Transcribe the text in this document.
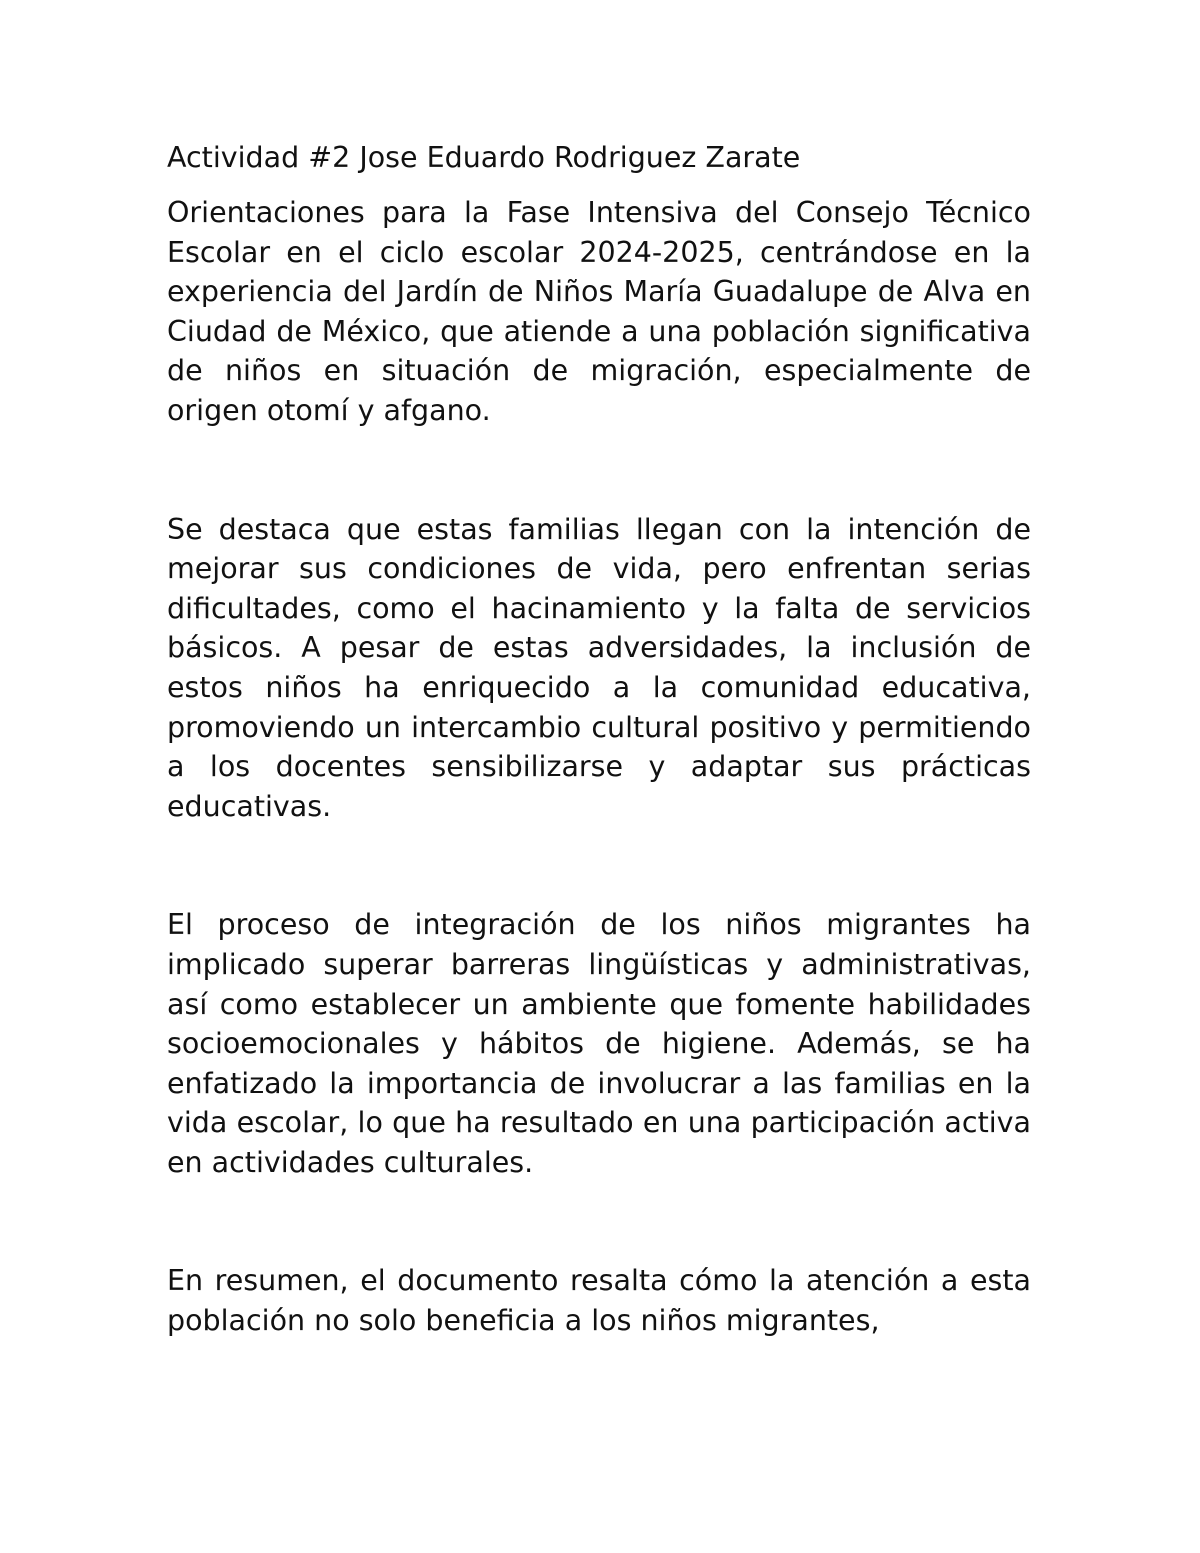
Actividad #2 Jose Eduardo Rodriguez Zarate

Orientaciones para la Fase Intensiva del Consejo Técnico Escolar en el ciclo escolar 2024-2025, centrándose en la experiencia del Jardín de Niños María Guadalupe de Alva en Ciudad de México, que atiende a una población significativa de niños en situación de migración, especialmente de origen otomí y afgano.

Se destaca que estas familias llegan con la intención de mejorar sus condiciones de vida, pero enfrentan serias dificultades, como el hacinamiento y la falta de servicios básicos. A pesar de estas adversidades, la inclusión de estos niños ha enriquecido a la comunidad educativa, promoviendo un intercambio cultural positivo y permitiendo a los docentes sensibilizarse y adaptar sus prácticas educativas.

El proceso de integración de los niños migrantes ha implicado superar barreras lingüísticas y administrativas, así como establecer un ambiente que fomente habilidades socioemocionales y hábitos de higiene. Además, se ha enfatizado la importancia de involucrar a las familias en la vida escolar, lo que ha resultado en una participación activa en actividades culturales.

En resumen, el documento resalta cómo la atención a esta población no solo beneficia a los niños migrantes,
